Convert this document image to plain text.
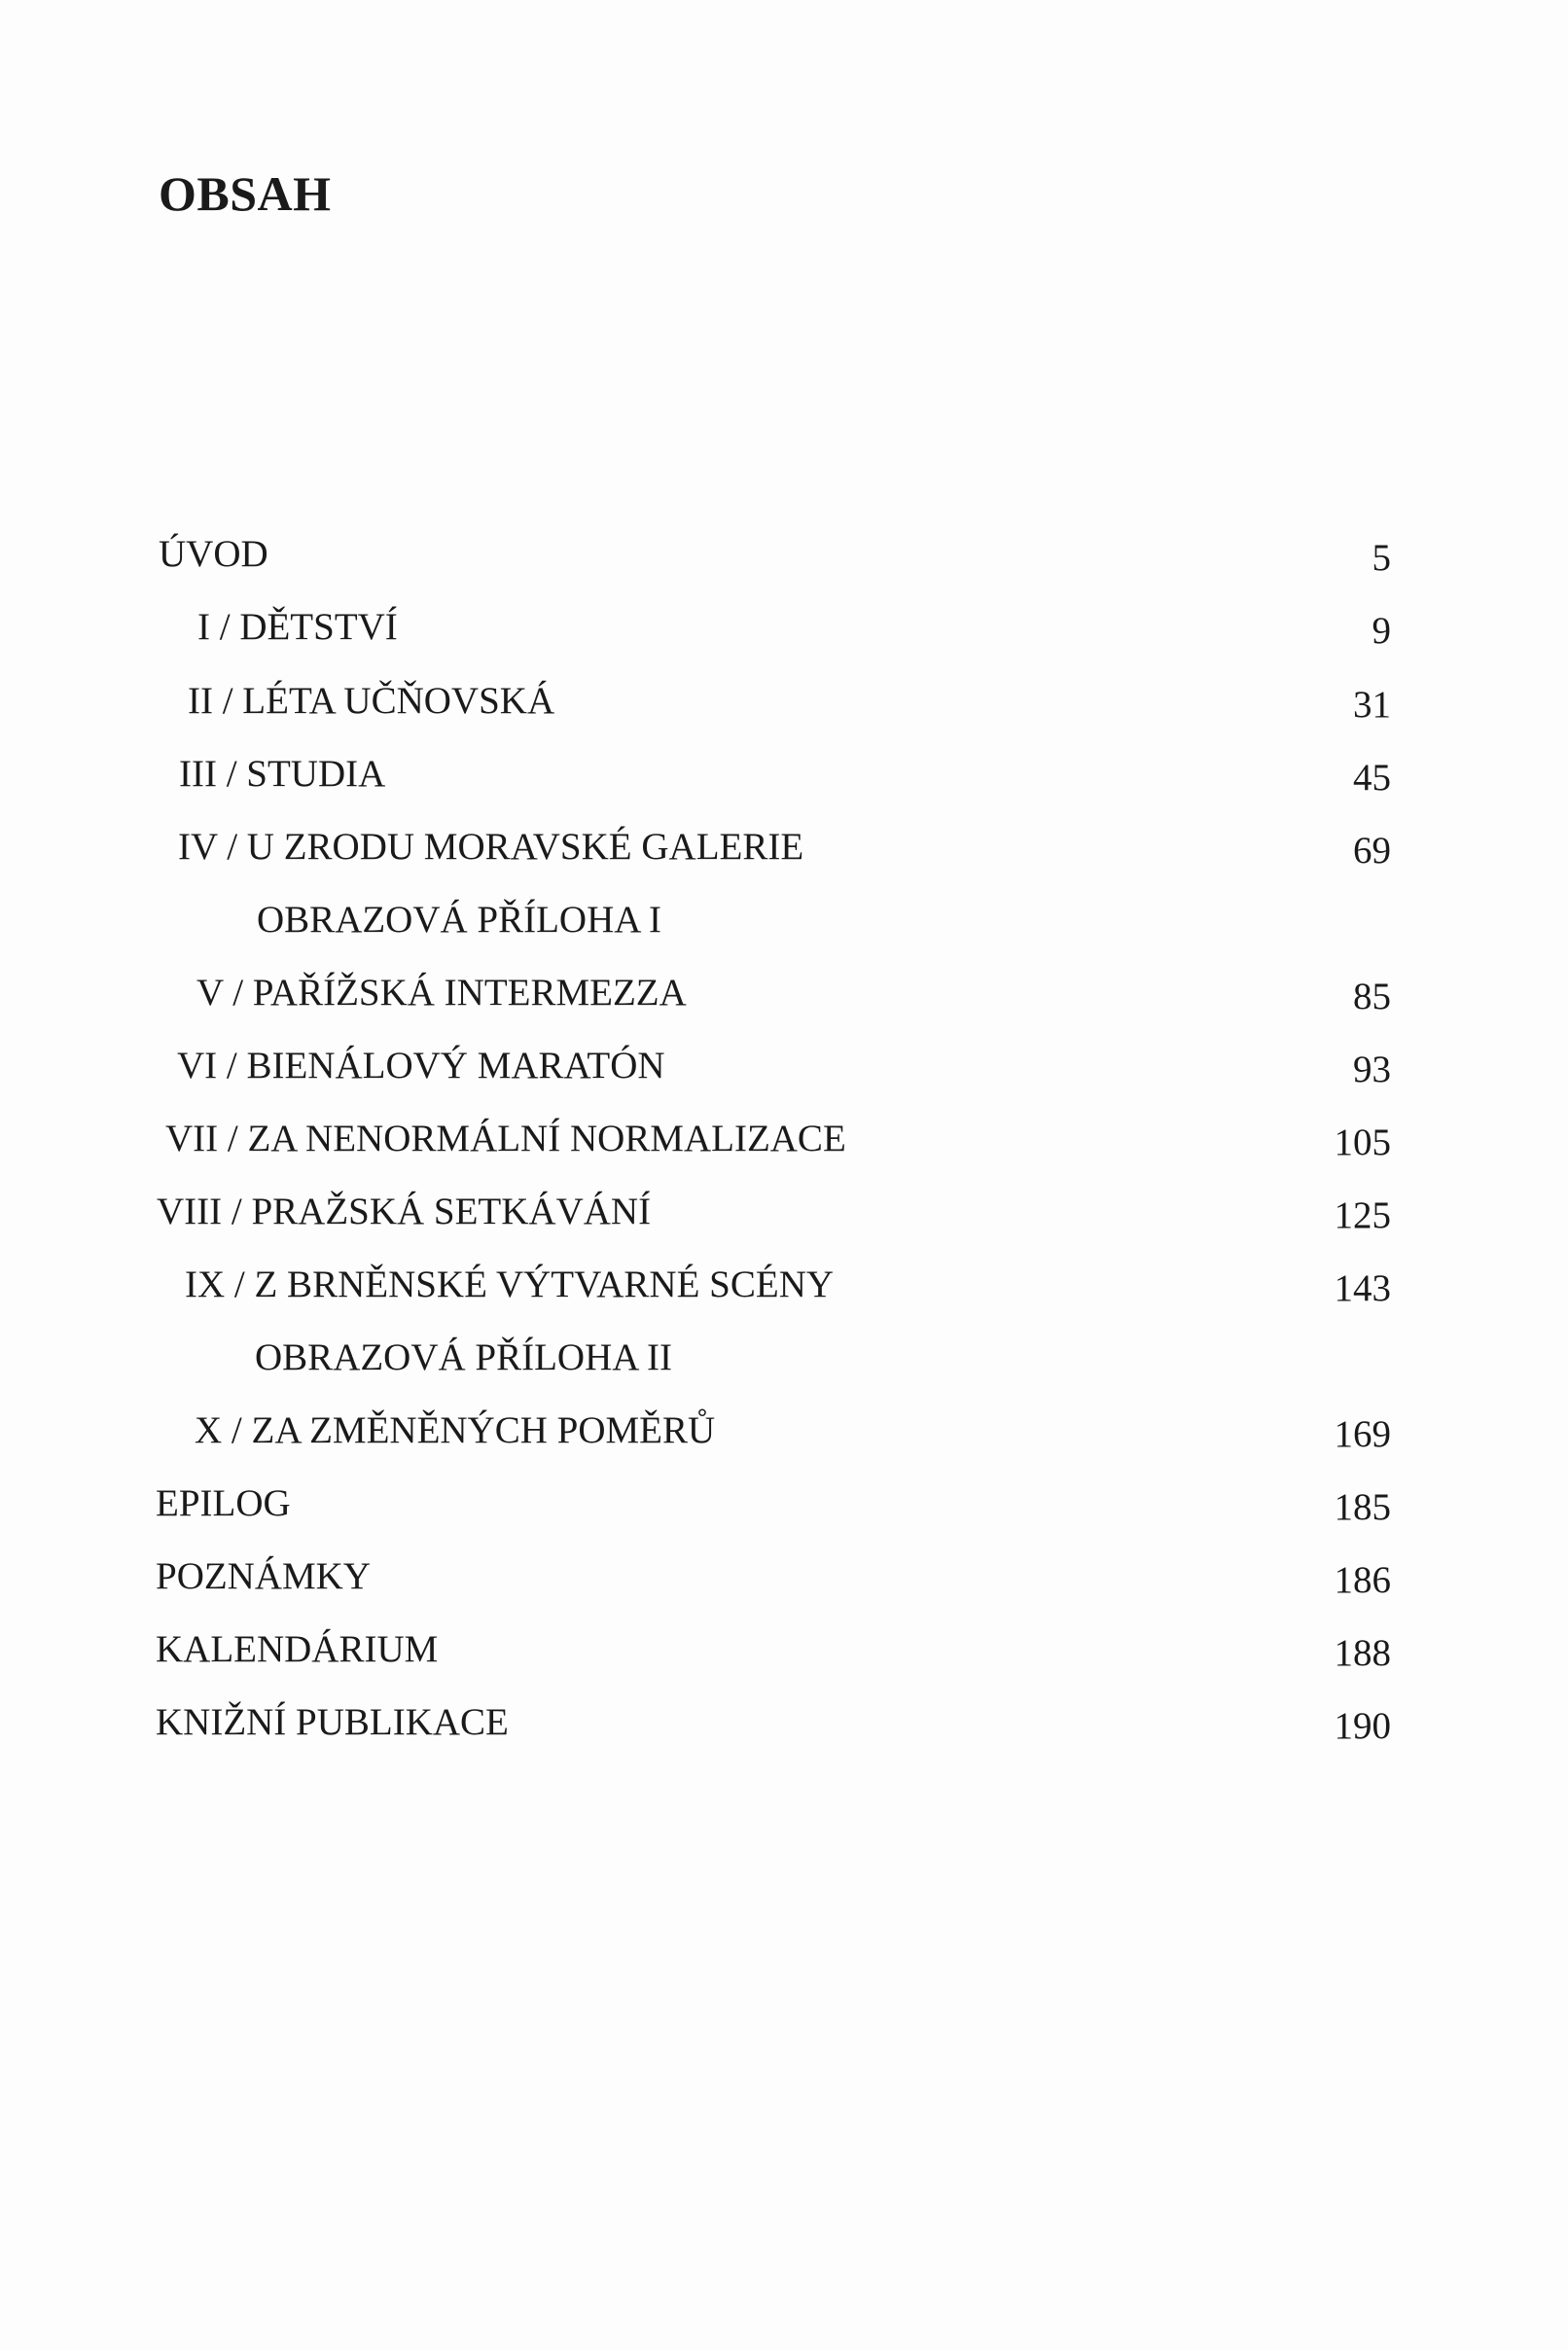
OBSAH
ÚVOD	5
I / DĚTSTVÍ	9
II / LÉTA UČŇOVSKÁ	31
III / STUDIA	45
IV / U ZRODU MORAVSKÉ GALERIE	69
OBRAZOVÁ PŘÍLOHA I
V / PAŘÍŽSKÁ INTERMEZZA	85
VI / BIENÁLOVÝ MARATÓN	93
VII / ZA NENORMÁLNÍ NORMALIZACE	105
VIII / PRAŽSKÁ SETKÁVÁNÍ	125
IX / Z BRNĚNSKÉ VÝTVARNÉ SCÉNY	143
OBRAZOVÁ PŘÍLOHA II
X / ZA ZMĚNĚNÝCH POMĚRŮ	169
EPILOG	185
POZNÁMKY	186
KALENDÁRIUM	188
KNIŽNÍ PUBLIKACE	190
